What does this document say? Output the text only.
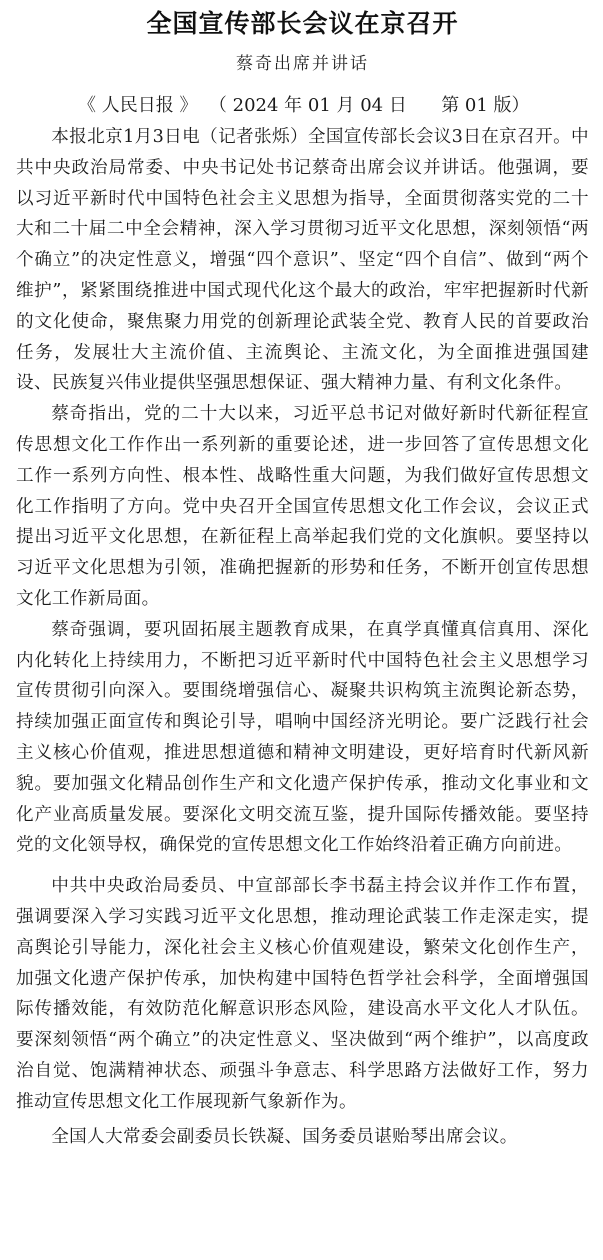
全国宣传部长会议在京召开
蔡奇出席并讲话
《 人民日报 》 （ 2024 年 01 月 04 日 第 01 版）

本报北京1月3日电（记者张烁）全国宣传部长会议3日在京召开。中共中央政治局常委、中央书记处书记蔡奇出席会议并讲话。他强调，要以习近平新时代中国特色社会主义思想为指导，全面贯彻落实党的二十大和二十届二中全会精神，深入学习贯彻习近平文化思想，深刻领悟“两个确立”的决定性意义，增强“四个意识”、坚定“四个自信”、做到“两个维护”，紧紧围绕推进中国式现代化这个最大的政治，牢牢把握新时代新的文化使命，聚焦聚力用党的创新理论武装全党、教育人民的首要政治任务，发展壮大主流价值、主流舆论、主流文化，为全面推进强国建设、民族复兴伟业提供坚强思想保证、强大精神力量、有利文化条件。

蔡奇指出，党的二十大以来，习近平总书记对做好新时代新征程宣传思想文化工作作出一系列新的重要论述，进一步回答了宣传思想文化工作一系列方向性、根本性、战略性重大问题，为我们做好宣传思想文化工作指明了方向。党中央召开全国宣传思想文化工作会议，会议正式提出习近平文化思想，在新征程上高举起我们党的文化旗帜。要坚持以习近平文化思想为引领，准确把握新的形势和任务，不断开创宣传思想文化工作新局面。

蔡奇强调，要巩固拓展主题教育成果，在真学真懂真信真用、深化内化转化上持续用力，不断把习近平新时代中国特色社会主义思想学习宣传贯彻引向深入。要围绕增强信心、凝聚共识构筑主流舆论新态势，持续加强正面宣传和舆论引导，唱响中国经济光明论。要广泛践行社会主义核心价值观，推进思想道德和精神文明建设，更好培育时代新风新貌。要加强文化精品创作生产和文化遗产保护传承，推动文化事业和文化产业高质量发展。要深化文明交流互鉴，提升国际传播效能。要坚持党的文化领导权，确保党的宣传思想文化工作始终沿着正确方向前进。

中共中央政治局委员、中宣部部长李书磊主持会议并作工作布置，强调要深入学习实践习近平文化思想，推动理论武装工作走深走实，提高舆论引导能力，深化社会主义核心价值观建设，繁荣文化创作生产，加强文化遗产保护传承，加快构建中国特色哲学社会科学，全面增强国际传播效能，有效防范化解意识形态风险，建设高水平文化人才队伍。要深刻领悟“两个确立”的决定性意义、坚决做到“两个维护”，以高度政治自觉、饱满精神状态、顽强斗争意志、科学思路方法做好工作，努力推动宣传思想文化工作展现新气象新作为。

全国人大常委会副委员长铁凝、国务委员谌贻琴出席会议。
